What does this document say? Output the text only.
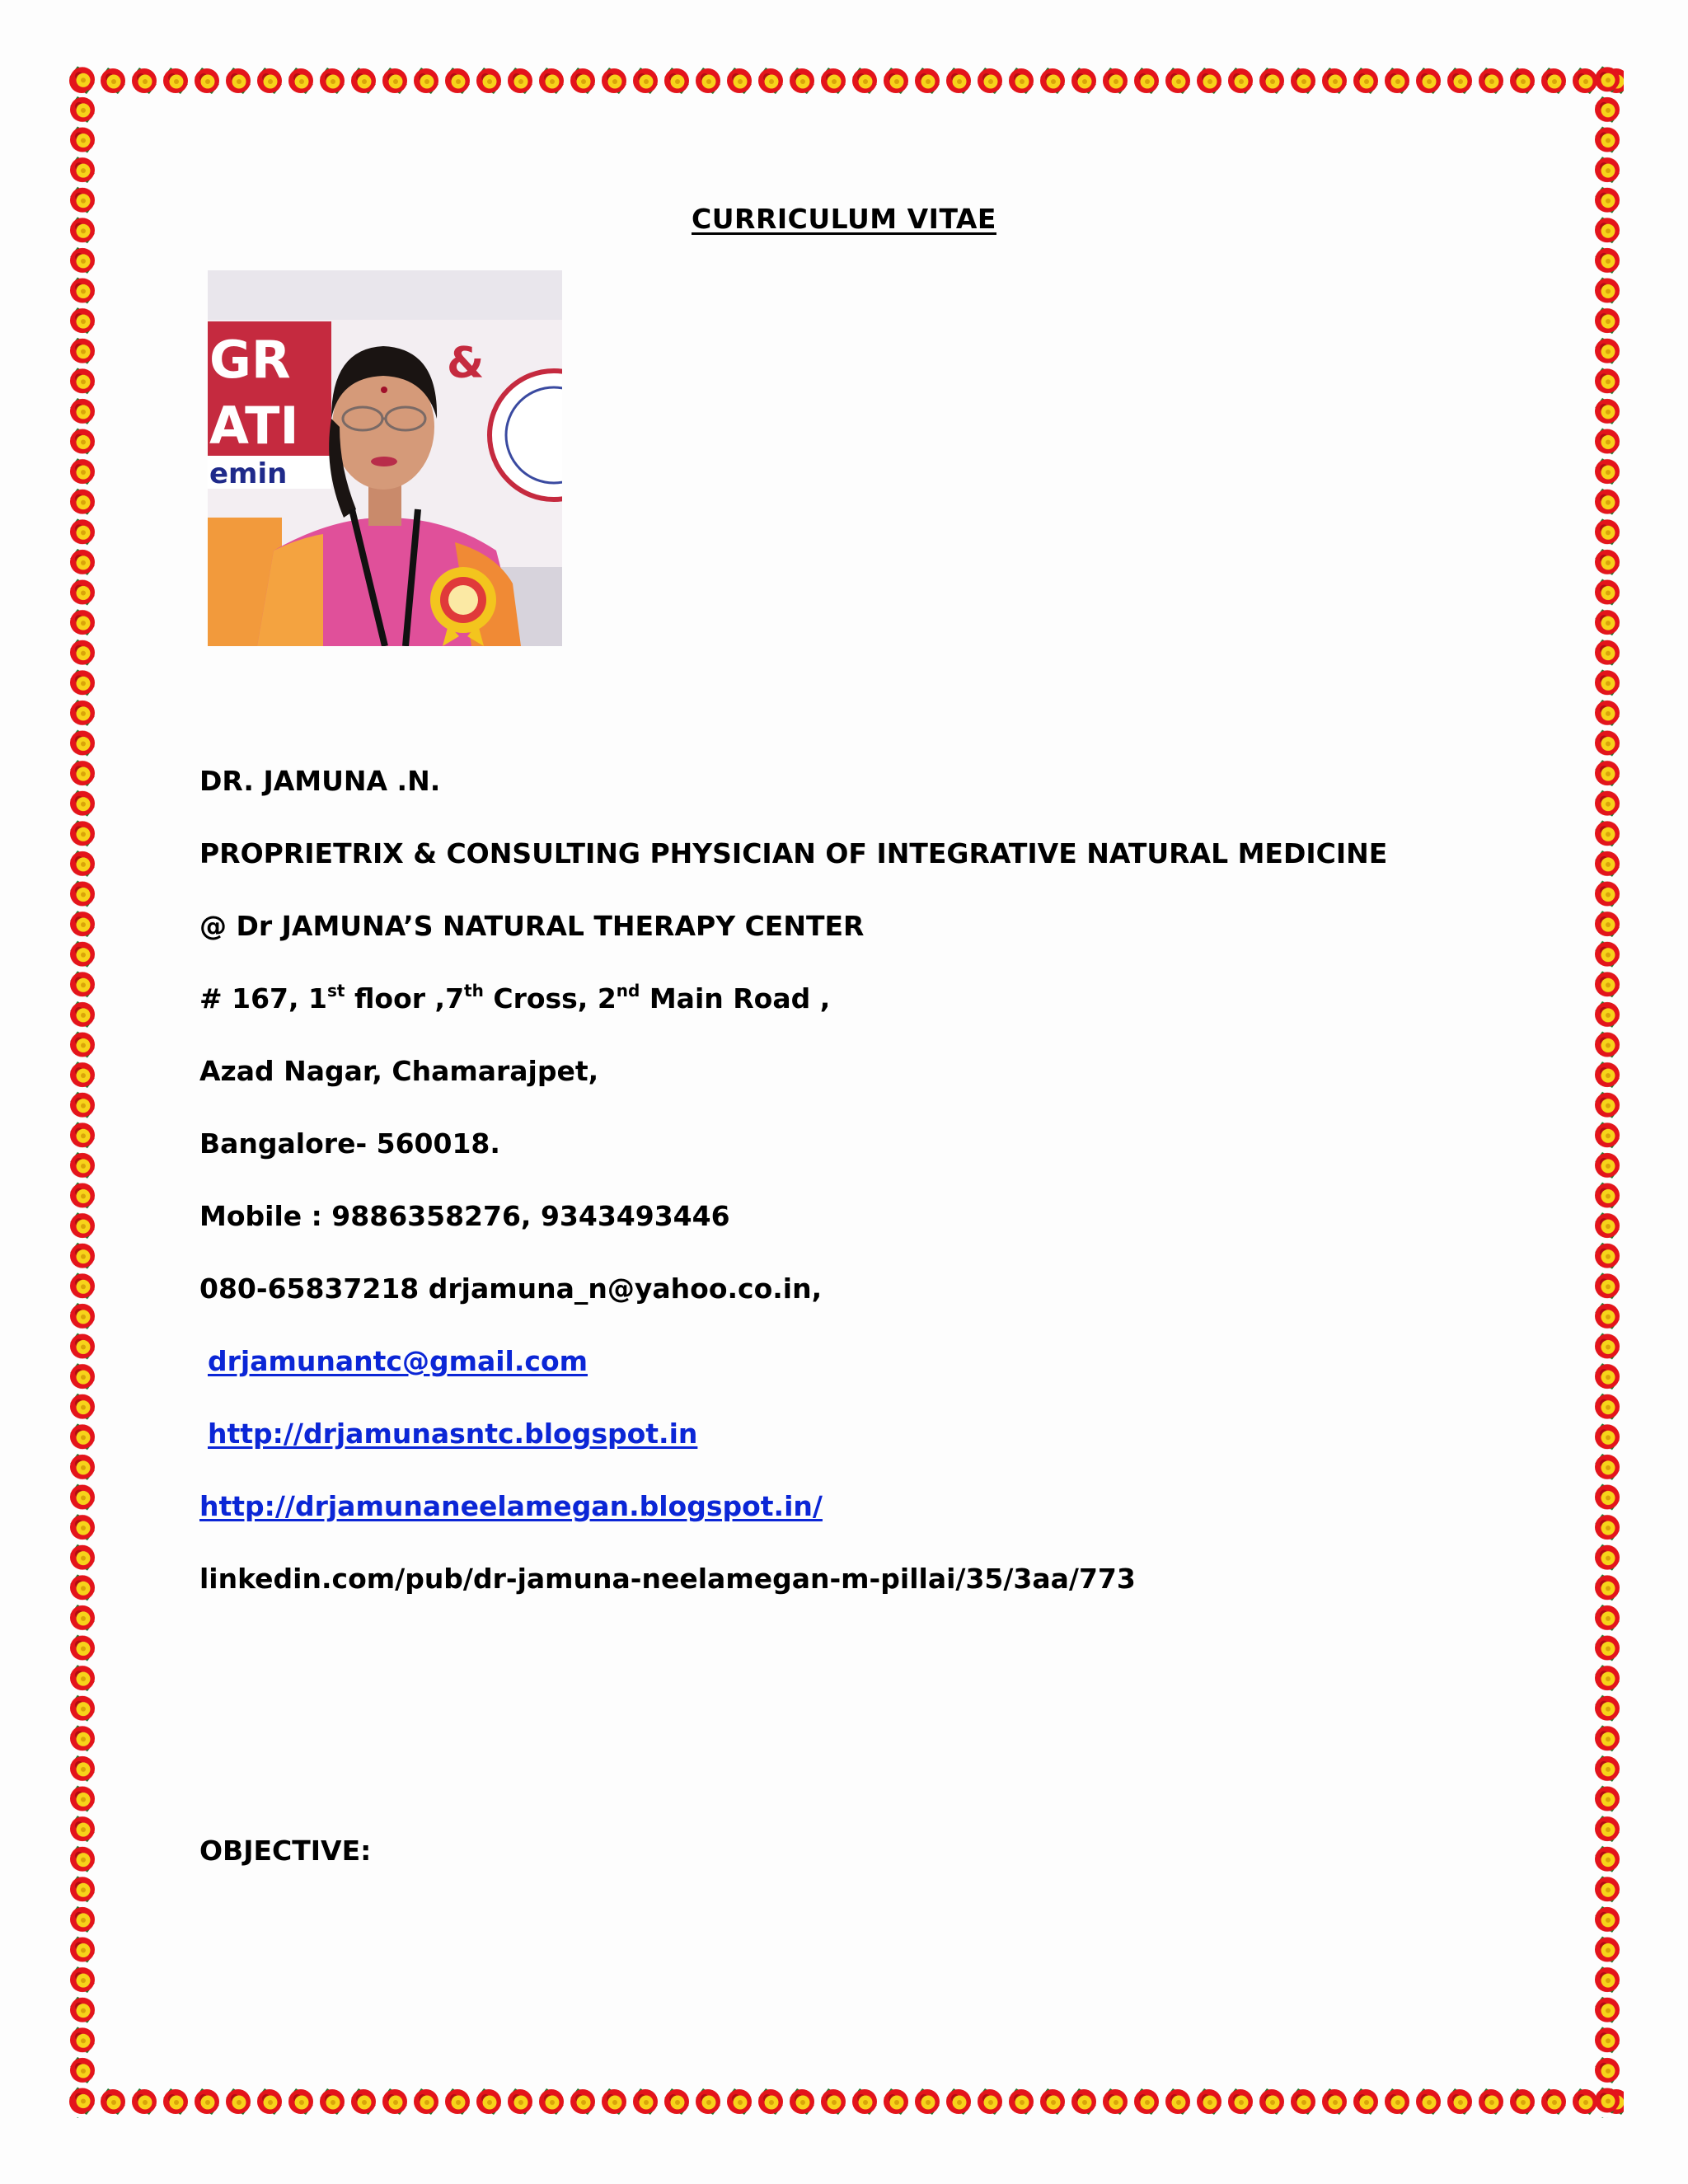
CURRICULUM VITAE
GR	&
ATI
emin
DR. JAMUNA .N.
PROPRIETRIX & CONSULTING PHYSICIAN OF INTEGRATIVE NATURAL MEDICINE
@ Dr JAMUNA’S NATURAL THERAPY CENTER
# 167, 1st floor ,7th Cross, 2nd Main Road ,
Azad Nagar, Chamarajpet,
Bangalore- 560018.
Mobile : 9886358276, 9343493446
080-65837218 drjamuna_n@yahoo.co.in,
drjamunantc@gmail.com
http://drjamunasntc.blogspot.in
http://drjamunaneelamegan.blogspot.in/
linkedin.com/pub/dr-jamuna-neelamegan-m-pillai/35/3aa/773
OBJECTIVE:
